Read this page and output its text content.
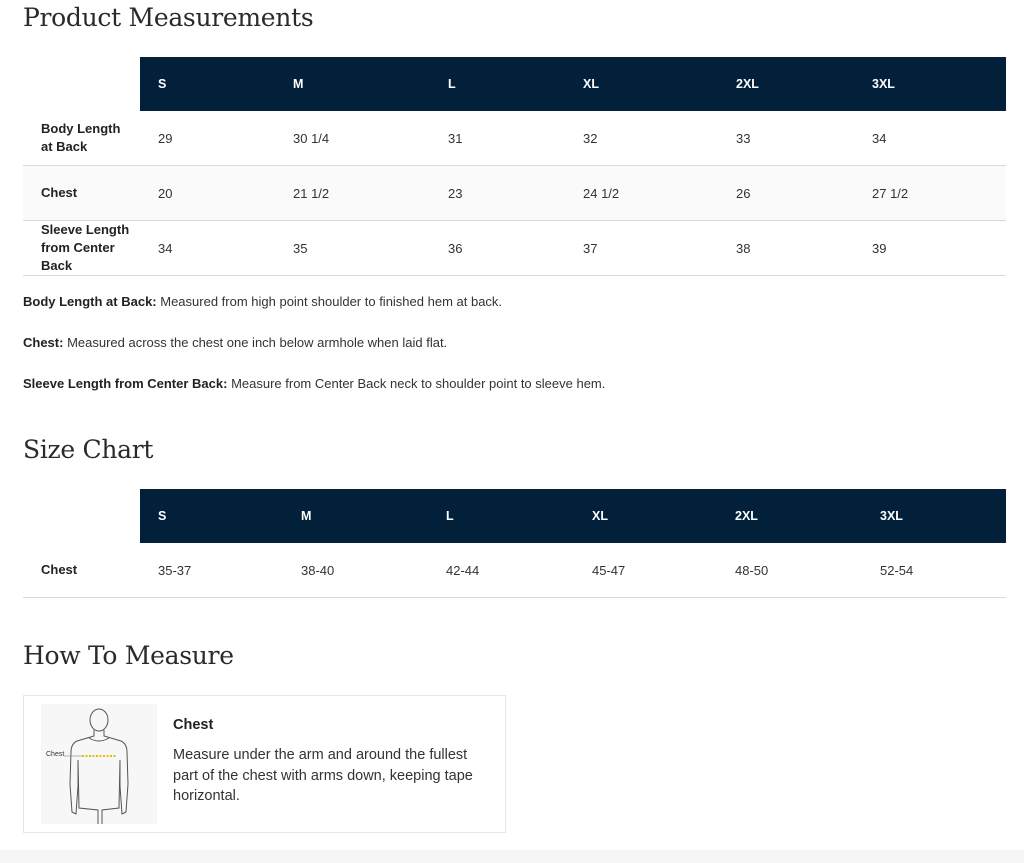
Product Measurements
	S	M	L	XL	2XL	3XL
Body Length at Back	29	30 1/4	31	32	33	34
Chest	20	21 1/2	23	24 1/2	26	27 1/2
Sleeve Length from Center Back	34	35	36	37	38	39

Body Length at Back: Measured from high point shoulder to finished hem at back.

Chest: Measured across the chest one inch below armhole when laid flat.

Sleeve Length from Center Back: Measure from Center Back neck to shoulder point to sleeve hem.

Size Chart
	S	M	L	XL	2XL	3XL
Chest	35-37	38-40	42-44	45-47	48-50	52-54
How To Measure
Chest
Chest
Measure under the arm and around the fullest part of the chest with arms down, keeping tape horizontal.
